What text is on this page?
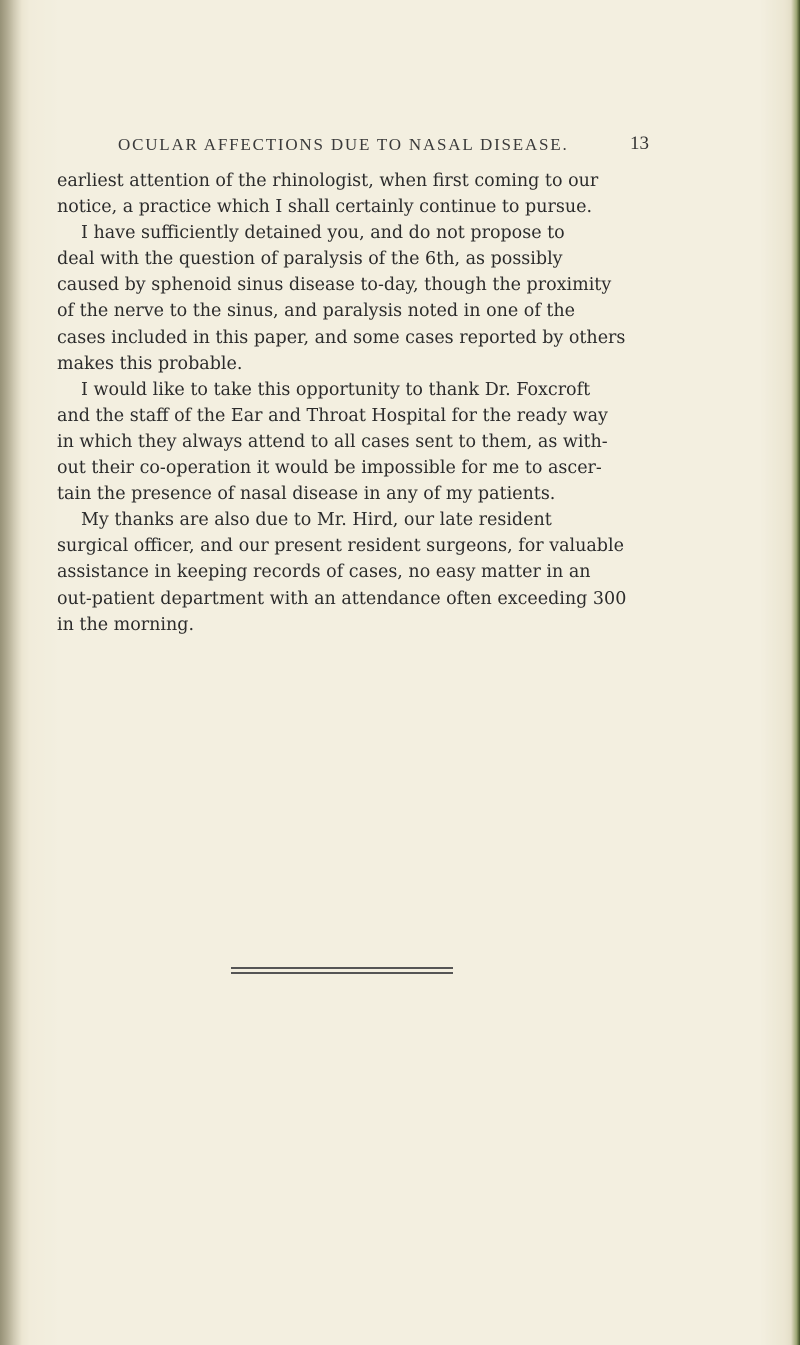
OCULAR AFFECTIONS DUE TO NASAL DISEASE.	13
earliest attention of the rhinologist, when first coming to our
notice, a practice which I shall certainly continue to pursue.
I have sufficiently detained you, and do not propose to
deal with the question of paralysis of the 6th, as possibly
caused by sphenoid sinus disease to-day, though the proximity
of the nerve to the sinus, and paralysis noted in one of the
cases included in this paper, and some cases reported by others
makes this probable.
I would like to take this opportunity to thank Dr. Foxcroft
and the staff of the Ear and Throat Hospital for the ready way
in which they always attend to all cases sent to them, as with-
out their co-operation it would be impossible for me to ascer-
tain the presence of nasal disease in any of my patients.
My thanks are also due to Mr. Hird, our late resident
surgical officer, and our present resident surgeons, for valuable
assistance in keeping records of cases, no easy matter in an
out-patient department with an attendance often exceeding 300
in the morning.
